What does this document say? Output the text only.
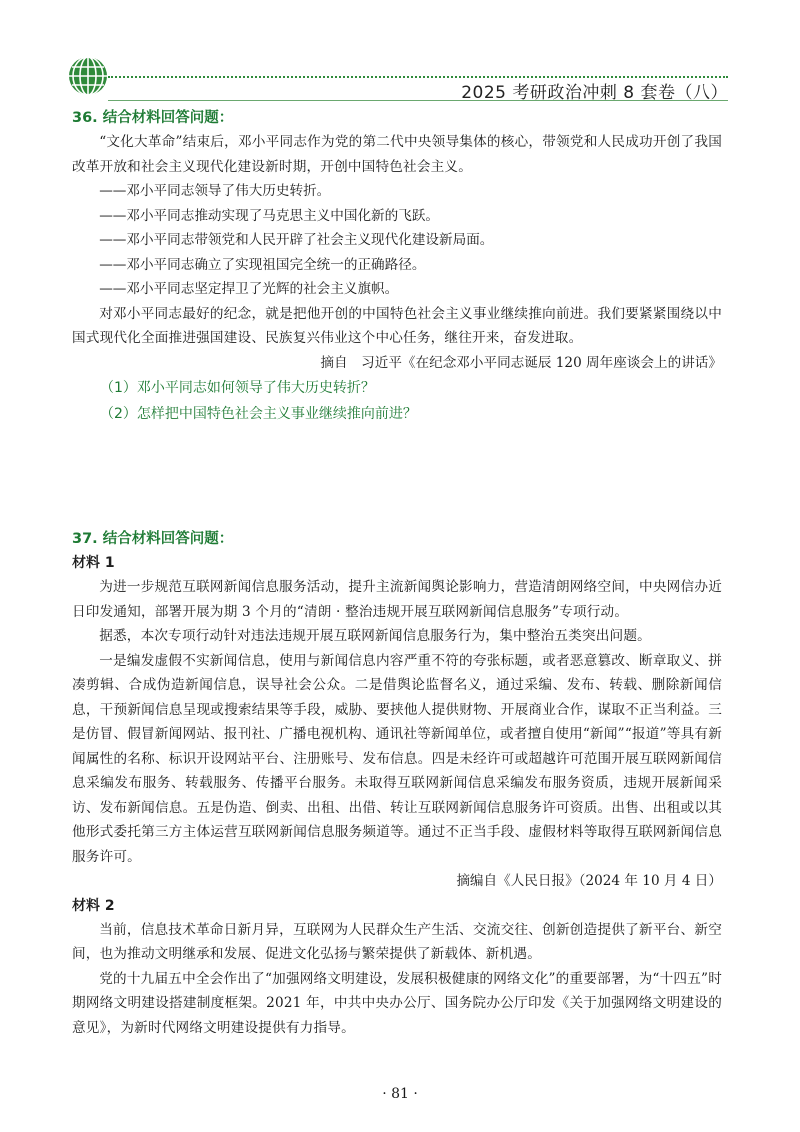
2025 考研政治冲刺 8 套卷（八）
36. 结合材料回答问题：

“文化大革命”结束后，邓小平同志作为党的第二代中央领导集体的核心，带领党和人民成功开创了我国改革开放和社会主义现代化建设新时期，开创中国特色社会主义。

——邓小平同志领导了伟大历史转折。

——邓小平同志推动实现了马克思主义中国化新的飞跃。

——邓小平同志带领党和人民开辟了社会主义现代化建设新局面。

——邓小平同志确立了实现祖国完全统一的正确路径。

——邓小平同志坚定捍卫了光辉的社会主义旗帜。

对邓小平同志最好的纪念，就是把他开创的中国特色社会主义事业继续推向前进。我们要紧紧围绕以中国式现代化全面推进强国建设、民族复兴伟业这个中心任务，继往开来，奋发进取。

摘自　习近平《在纪念邓小平同志诞辰 120 周年座谈会上的讲话》

（1）邓小平同志如何领导了伟大历史转折？

（2）怎样把中国特色社会主义事业继续推向前进？

37. 结合材料回答问题：
材料 1

为进一步规范互联网新闻信息服务活动，提升主流新闻舆论影响力，营造清朗网络空间，中央网信办近日印发通知，部署开展为期 3 个月的“清朗 · 整治违规开展互联网新闻信息服务”专项行动。

据悉，本次专项行动针对违法违规开展互联网新闻信息服务行为，集中整治五类突出问题。

一是编发虚假不实新闻信息，使用与新闻信息内容严重不符的夸张标题，或者恶意篡改、断章取义、拼凑剪辑、合成伪造新闻信息，误导社会公众。二是借舆论监督名义，通过采编、发布、转载、删除新闻信息，干预新闻信息呈现或搜索结果等手段，威胁、要挟他人提供财物、开展商业合作，谋取不正当利益。三是仿冒、假冒新闻网站、报刊社、广播电视机构、通讯社等新闻单位，或者擅自使用“新闻”“报道”等具有新闻属性的名称、标识开设网站平台、注册账号、发布信息。四是未经许可或超越许可范围开展互联网新闻信息采编发布服务、转载服务、传播平台服务。未取得互联网新闻信息采编发布服务资质，违规开展新闻采访、发布新闻信息。五是伪造、倒卖、出租、出借、转让互联网新闻信息服务许可资质。出售、出租或以其他形式委托第三方主体运营互联网新闻信息服务频道等。通过不正当手段、虚假材料等取得互联网新闻信息服务许可。

摘编自《人民日报》（2024 年 10 月 4 日）

材料 2

当前，信息技术革命日新月异，互联网为人民群众生产生活、交流交往、创新创造提供了新平台、新空间，也为推动文明继承和发展、促进文化弘扬与繁荣提供了新载体、新机遇。

党的十九届五中全会作出了“加强网络文明建设，发展积极健康的网络文化”的重要部署，为“十四五”时期网络文明建设搭建制度框架。2021 年，中共中央办公厅、国务院办公厅印发《关于加强网络文明建设的意见》，为新时代网络文明建设提供有力指导。

· 81 ·
